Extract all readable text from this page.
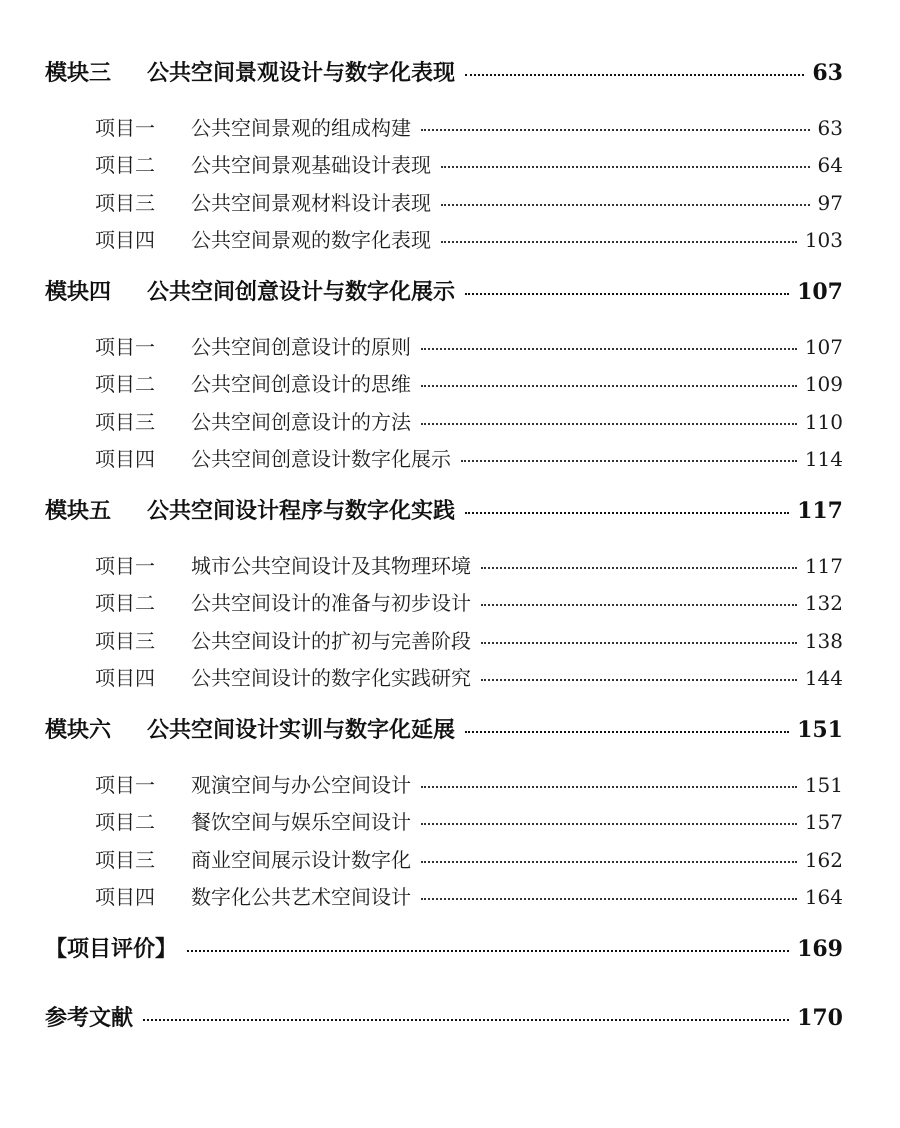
模块三	公共空间景观设计与数字化表现	63
项目一	公共空间景观的组成构建	63
项目二	公共空间景观基础设计表现	64
项目三	公共空间景观材料设计表现	97
项目四	公共空间景观的数字化表现	103
模块四	公共空间创意设计与数字化展示	107
项目一	公共空间创意设计的原则	107
项目二	公共空间创意设计的思维	109
项目三	公共空间创意设计的方法	110
项目四	公共空间创意设计数字化展示	114
模块五	公共空间设计程序与数字化实践	117
项目一	城市公共空间设计及其物理环境	117
项目二	公共空间设计的准备与初步设计	132
项目三	公共空间设计的扩初与完善阶段	138
项目四	公共空间设计的数字化实践研究	144
模块六	公共空间设计实训与数字化延展	151
项目一	观演空间与办公空间设计	151
项目二	餐饮空间与娱乐空间设计	157
项目三	商业空间展示设计数字化	162
项目四	数字化公共艺术空间设计	164
【项目评价】	169
参考文献	170
